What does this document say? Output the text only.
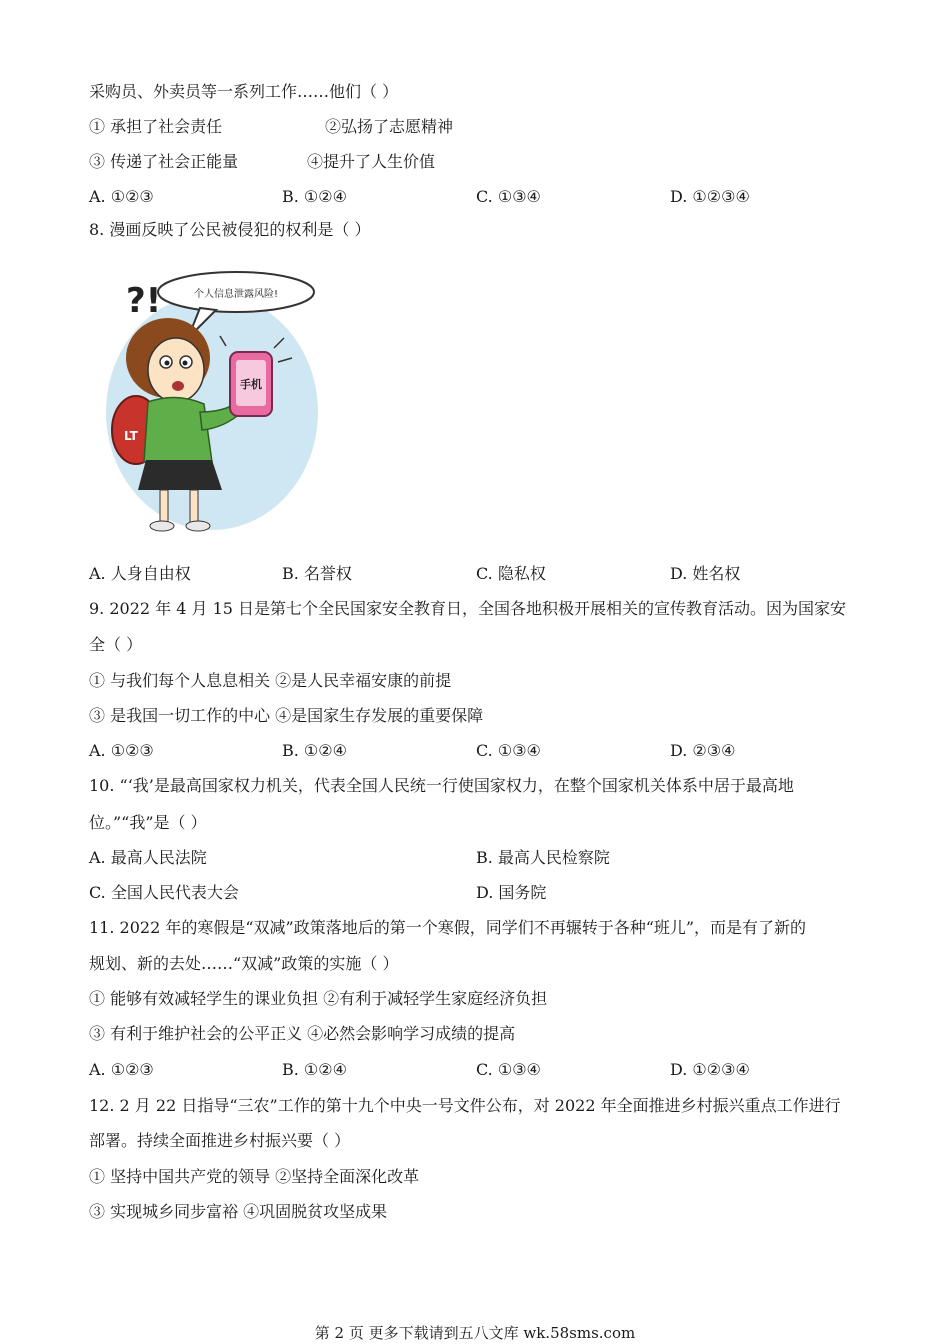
采购员、外卖员等一系列工作……他们（ ）
① 承担了社会责任	②弘扬了志愿精神
③ 传递了社会正能量	④提升了人生价值
A. ①②③	B. ①②④	C. ①③④	D. ①②③④
8. 漫画反映了公民被侵犯的权利是（ ）
个人信息泄露风险!
?!
LT
手机
A. 人身自由权	B. 名誉权	C. 隐私权	D. 姓名权
9. 2022 年 4 月 15 日是第七个全民国家安全教育日，全国各地积极开展相关的宣传教育活动。因为国家安
全（ ）
① 与我们每个人息息相关 ②是人民幸福安康的前提
③ 是我国一切工作的中心 ④是国家生存发展的重要保障
A. ①②③	B. ①②④	C. ①③④	D. ②③④
10. “‘我’是最高国家权力机关，代表全国人民统一行使国家权力，在整个国家机关体系中居于最高地
位。”“我”是（ ）
A. 最高人民法院	B. 最高人民检察院
C. 全国人民代表大会	D. 国务院
11. 2022 年的寒假是“双减”政策落地后的第一个寒假，同学们不再辗转于各种“班儿”，而是有了新的
规划、新的去处……“双减”政策的实施（ ）
① 能够有效减轻学生的课业负担 ②有利于减轻学生家庭经济负担
③ 有利于维护社会的公平正义 ④必然会影响学习成绩的提高
A. ①②③	B. ①②④	C. ①③④	D. ①②③④
12. 2 月 22 日指导“三农”工作的第十九个中央一号文件公布，对 2022 年全面推进乡村振兴重点工作进行
部署。持续全面推进乡村振兴要（ ）
① 坚持中国共产党的领导 ②坚持全面深化改革
③ 实现城乡同步富裕 ④巩固脱贫攻坚成果
第 2 页 更多下载请到五八文库 wk.58sms.com
